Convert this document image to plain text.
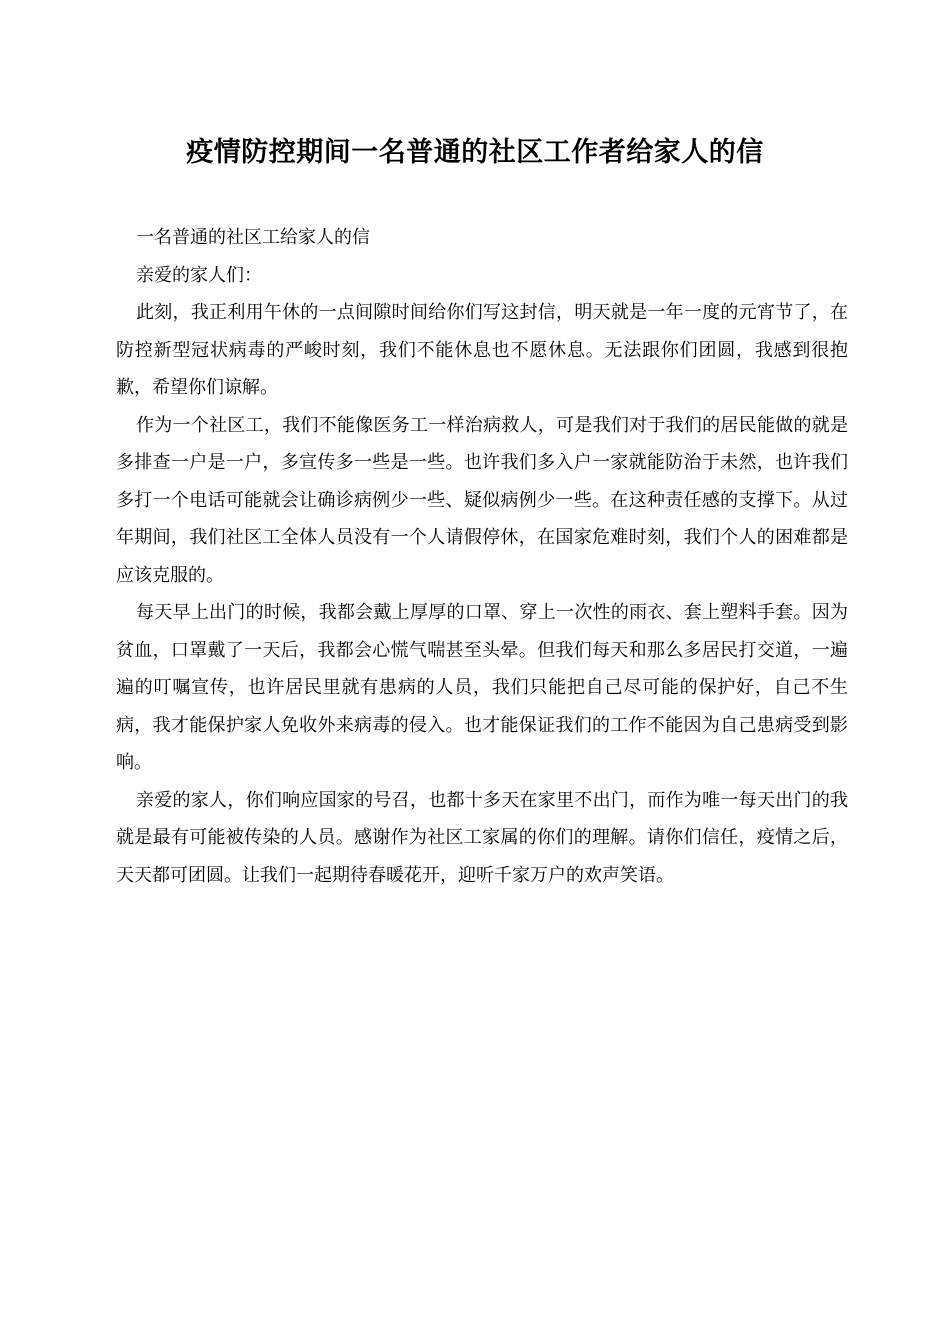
疫情防控期间一名普通的社区工作者给家人的信

一名普通的社区工给家人的信

亲爱的家人们：

此刻，我正利用午休的一点间隙时间给你们写这封信，明天就是一年一度的元宵节了，在防控新型冠状病毒的严峻时刻，我们不能休息也不愿休息。无法跟你们团圆，我感到很抱歉，希望你们谅解。

作为一个社区工，我们不能像医务工一样治病救人，可是我们对于我们的居民能做的就是多排查一户是一户，多宣传多一些是一些。也许我们多入户一家就能防治于未然，也许我们多打一个电话可能就会让确诊病例少一些、疑似病例少一些。在这种责任感的支撑下。从过年期间，我们社区工全体人员没有一个人请假停休，在国家危难时刻，我们个人的困难都是应该克服的。

每天早上出门的时候，我都会戴上厚厚的口罩、穿上一次性的雨衣、套上塑料手套。因为贫血，口罩戴了一天后，我都会心慌气喘甚至头晕。但我们每天和那么多居民打交道，一遍遍的叮嘱宣传，也许居民里就有患病的人员，我们只能把自己尽可能的保护好，自己不生病，我才能保护家人免收外来病毒的侵入。也才能保证我们的工作不能因为自己患病受到影响。

亲爱的家人，你们响应国家的号召，也都十多天在家里不出门，而作为唯一每天出门的我就是最有可能被传染的人员。感谢作为社区工家属的你们的理解。请你们信任，疫情之后，天天都可团圆。让我们一起期待春暖花开，迎听千家万户的欢声笑语。
